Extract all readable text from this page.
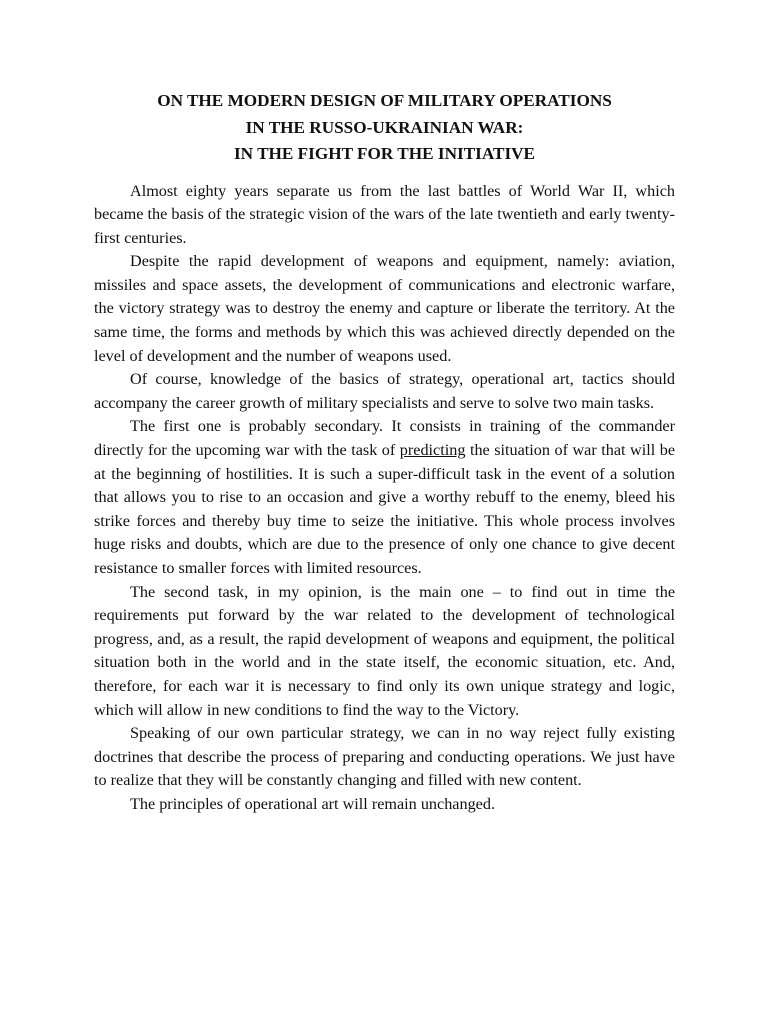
ON THE MODERN DESIGN OF MILITARY OPERATIONS
IN THE RUSSO-UKRAINIAN WAR:
IN THE FIGHT FOR THE INITIATIVE

Almost eighty years separate us from the last battles of World War II, which became the basis of the strategic vision of the wars of the late twentieth and early twenty-first centuries.

Despite the rapid development of weapons and equipment, namely: aviation, missiles and space assets, the development of communications and electronic warfare, the victory strategy was to destroy the enemy and capture or liberate the territory. At the same time, the forms and methods by which this was achieved directly depended on the level of development and the number of weapons used.

Of course, knowledge of the basics of strategy, operational art, tactics should accompany the career growth of military specialists and serve to solve two main tasks.

The first one is probably secondary. It consists in training of the commander directly for the upcoming war with the task of predicting the situation of war that will be at the beginning of hostilities. It is such a super-difficult task in the event of a solution that allows you to rise to an occasion and give a worthy rebuff to the enemy, bleed his strike forces and thereby buy time to seize the initiative. This whole process involves huge risks and doubts, which are due to the presence of only one chance to give decent resistance to smaller forces with limited resources.

The second task, in my opinion, is the main one – to find out in time the requirements put forward by the war related to the development of technological progress, and, as a result, the rapid development of weapons and equipment, the political situation both in the world and in the state itself, the economic situation, etc. And, therefore, for each war it is necessary to find only its own unique strategy and logic, which will allow in new conditions to find the way to the Victory.

Speaking of our own particular strategy, we can in no way reject fully existing doctrines that describe the process of preparing and conducting operations. We just have to realize that they will be constantly changing and filled with new content.

The principles of operational art will remain unchanged.
